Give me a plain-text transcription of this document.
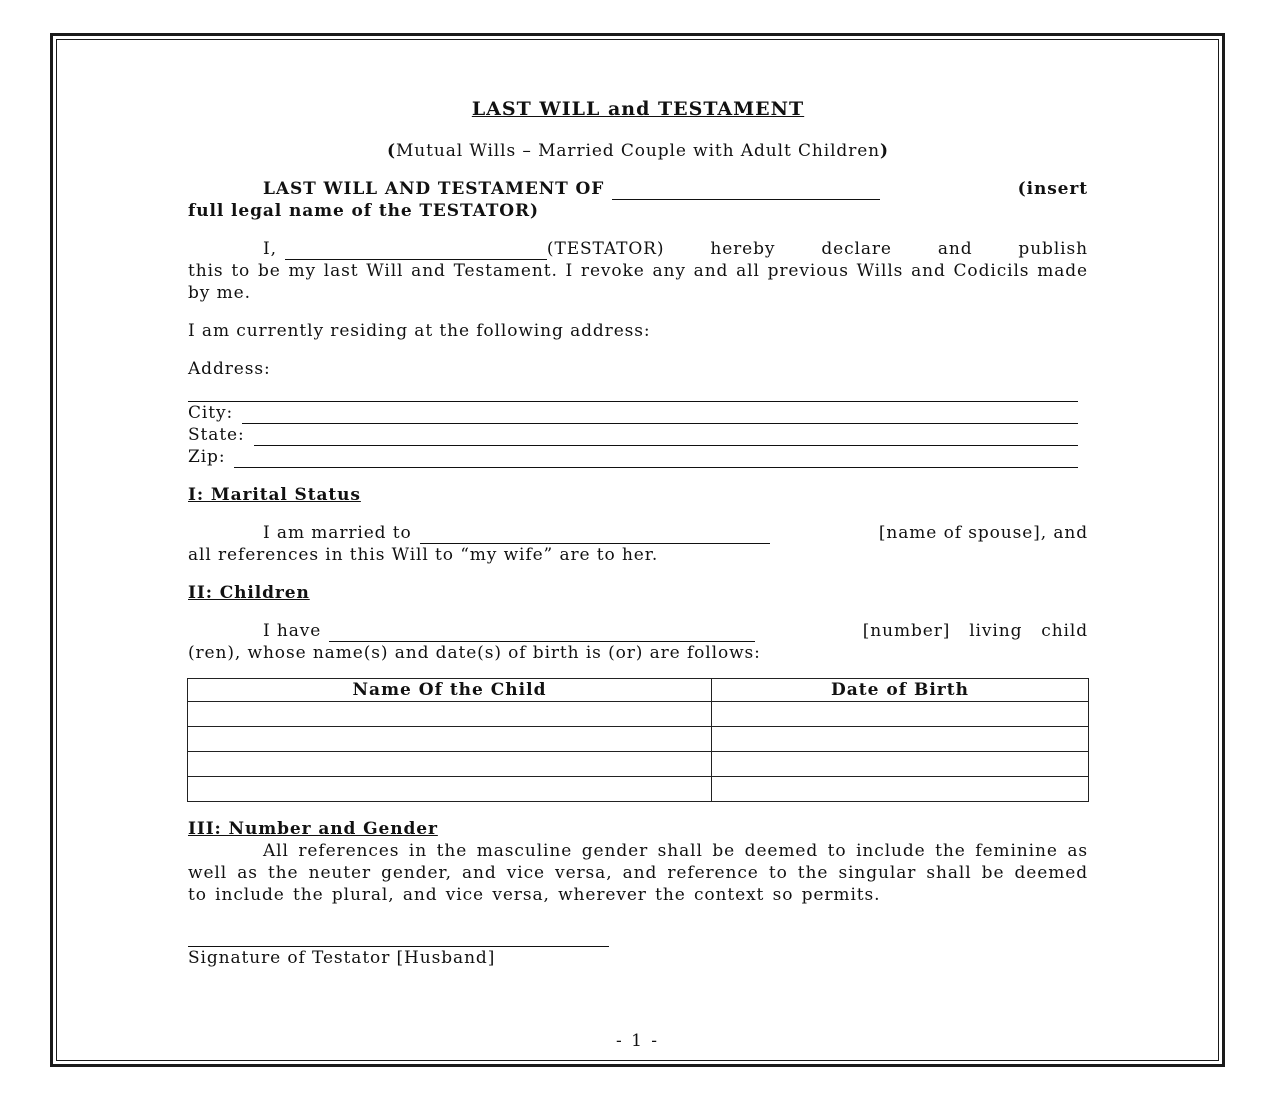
LAST WILL and TESTAMENT
(Mutual Wills – Married Couple with Adult Children)
LAST WILL AND TESTAMENT OF	(insert
full legal name of the TESTATOR)
I,	(TESTATOR)  hereby  declare  and  publish
this to be my last Will and Testament. I revoke any and all previous Wills and Codicils made by me.
I am currently residing at the following address:
Address:
City:
State:
Zip:
I: Marital Status
I am married to	[name of spouse], and
all references in this Will to “my wife” are to her.
II: Children
I have	[number]   living   child
(ren), whose name(s) and date(s) of birth is (or) are follows:
Name Of the Child	Date of Birth

III: Number and Gender
All references in the masculine gender shall be deemed to include the feminine as well as the neuter gender, and vice versa, and reference to the singular shall be deemed to include the plural, and vice versa, wherever the context so permits.
Signature of Testator [Husband]
- 1 -
